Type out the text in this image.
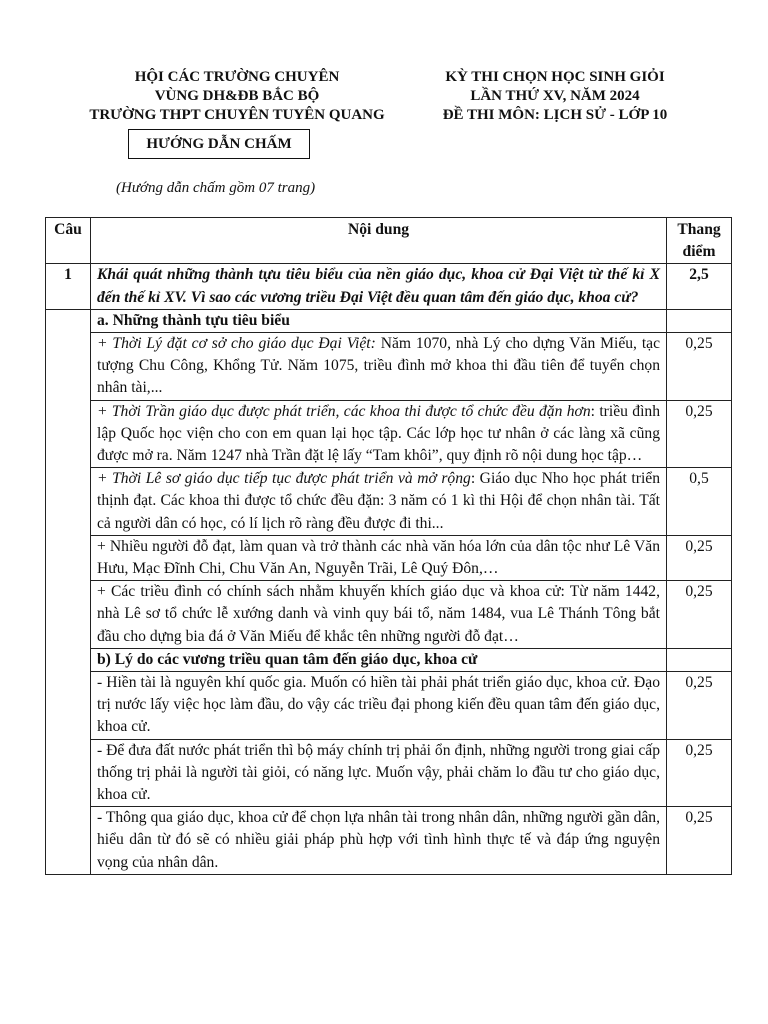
HỘI CÁC TRƯỜNG CHUYÊN
VÙNG DH&ĐB BẮC BỘ
TRƯỜNG THPT CHUYÊN TUYÊN QUANG
KỲ THI CHỌN HỌC SINH GIỎI
LẦN THỨ XV, NĂM 2024
ĐỀ THI MÔN: LỊCH SỬ - LỚP 10
HƯỚNG DẪN CHẤM
(Hướng dẫn chấm gồm 07 trang)
Câu	Nội dung	Thang
điểm
1	Khái quát những thành tựu tiêu biểu của nền giáo dục, khoa cử Đại Việt từ thế kỉ X đến thế kỉ XV. Vì sao các vương triều Đại Việt đều quan tâm đến giáo dục, khoa cử?	2,5
	a. Những thành tựu tiêu biểu	
	+ Thời Lý đặt cơ sở cho giáo dục Đại Việt: Năm 1070, nhà Lý cho dựng Văn Miếu, tạc tượng Chu Công, Khổng Tử. Năm 1075, triều đình mở khoa thi đầu tiên để tuyển chọn nhân tài,...	0,25
	+ Thời Trần giáo dục được phát triển, các khoa thi được tổ chức đều đặn hơn: triều đình lập Quốc học viện cho con em quan lại học tập. Các lớp học tư nhân ở các làng xã cũng được mở ra. Năm 1247 nhà Trần đặt lệ lấy “Tam khôi”, quy định rõ nội dung học tập…	0,25
	+ Thời Lê sơ giáo dục tiếp tục được phát triển và mở rộng: Giáo dục Nho học phát triển thịnh đạt. Các khoa thi được tổ chức đều đặn: 3 năm có 1 kì thi Hội để chọn nhân tài. Tất cả người dân có học, có lí lịch rõ ràng đều được đi thi...	0,5
	+ Nhiều người đỗ đạt, làm quan và trở thành các nhà văn hóa lớn của dân tộc như Lê Văn Hưu, Mạc Đĩnh Chi, Chu Văn An, Nguyễn Trãi, Lê Quý Đôn,…	0,25
	+ Các triều đình có chính sách nhằm khuyến khích giáo dục và khoa cử: Từ năm 1442, nhà Lê sơ tổ chức lễ xướng danh và vinh quy bái tổ, năm 1484, vua Lê Thánh Tông bắt đầu cho dựng bia đá ở Văn Miếu để khắc tên những người đỗ đạt…	0,25
	b) Lý do các vương triều quan tâm đến giáo dục, khoa cử	
	- Hiền tài là nguyên khí quốc gia. Muốn có hiền tài phải phát triển giáo dục, khoa cử. Đạo trị nước lấy việc học làm đầu, do vậy các triều đại phong kiến đều quan tâm đến giáo dục, khoa cử.	0,25
	- Để đưa đất nước phát triển thì bộ máy chính trị phải ổn định, những người trong giai cấp thống trị phải là người tài giỏi, có năng lực. Muốn vậy, phải chăm lo đầu tư cho giáo dục, khoa cử.	0,25
	- Thông qua giáo dục, khoa cử để chọn lựa nhân tài trong nhân dân, những người gần dân, hiểu dân từ đó sẽ có nhiều giải pháp phù hợp với tình hình thực tế và đáp ứng nguyện vọng của nhân dân.	0,25
